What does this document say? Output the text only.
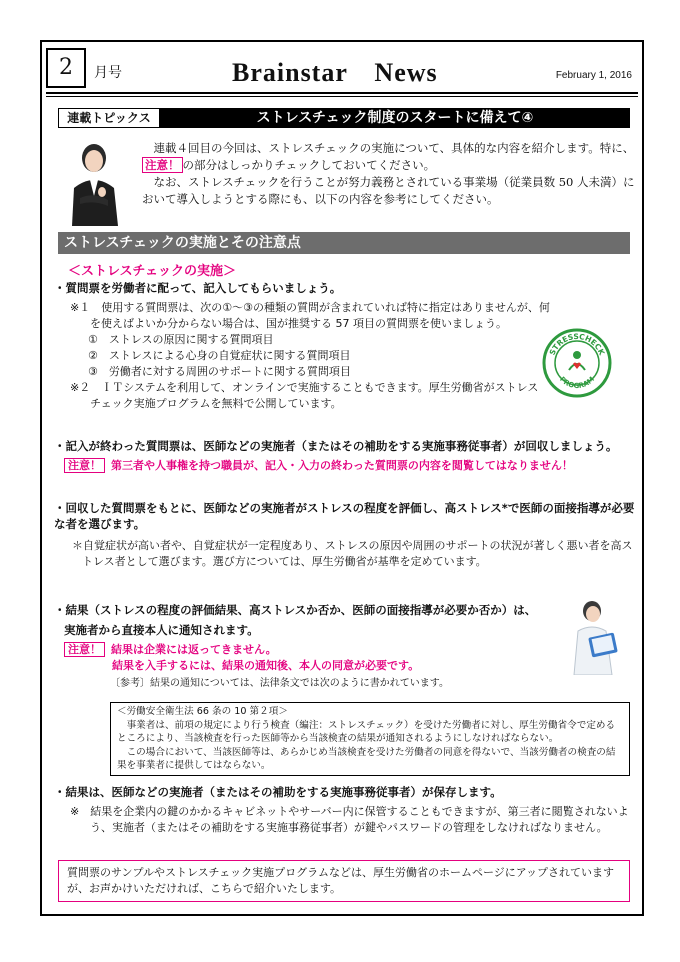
2	月号	Brainstar　News	February 1, 2016
連載トピックス	ストレスチェック制度のスタートに備えて④

連載４回目の今回は、ストレスチェックの実施について、具体的な内容を紹介します。特に、注意！ の部分はしっかりチェックしておいてください。

なお、ストレスチェックを行うことが努力義務とされている事業場（従業員数 50 人未満）において導入しようとする際にも、以下の内容を参考にしてください。

ストレスチェックの実施とその注意点
＜ストレスチェックの実施＞
・質問票を労働者に配って、記入してもらいましょう。
※１　使用する質問票は、次の①～③の種類の質問が含まれていれば特に指定はありませんが、何を使えばよいか分からない場合は、国が推奨する 57 項目の質問票を使いましょう。
①　ストレスの原因に関する質問項目
②　ストレスによる心身の自覚症状に関する質問項目
③　労働者に対する周囲のサポートに関する質問項目
※２　ＩＴシステムを利用して、オンラインで実施することもできます。厚生労働省がストレスチェック実施プログラムを無料で公開しています。
STRESSCHECK
PROGRAM
・記入が終わった質問票は、医師などの実施者（またはその補助をする実施事務従事者）が回収しましょう。
注意！ 第三者や人事権を持つ職員が、記入・入力の終わった質問票の内容を閲覧してはなりません！
・回収した質問票をもとに、医師などの実施者がストレスの程度を評価し、高ストレス*で医師の面接指導が必要な者を選びます。
＊自覚症状が高い者や、自覚症状が一定程度あり、ストレスの原因や周囲のサポートの状況が著しく悪い者を高ストレス者として選びます。選び方については、厚生労働省が基準を定めています。
・結果（ストレスの程度の評価結果、高ストレスか否か、医師の面接指導が必要か否か）は、
実施者から直接本人に通知されます。
注意！ 結果は企業には返ってきません。
結果を入手するには、結果の通知後、本人の同意が必要です。
〔参考〕結果の通知については、法律条文では次のように書かれています。
＜労働安全衛生法 66 条の 10 第２項＞
事業者は、前項の規定により行う検査（編注：ストレスチェック）を受けた労働者に対し、厚生労働省令で定めるところにより、当該検査を行った医師等から当該検査の結果が通知されるようにしなければならない。
この場合において、当該医師等は、あらかじめ当該検査を受けた労働者の同意を得ないで、当該労働者の検査の結果を事業者に提供してはならない。
・結果は、医師などの実施者（またはその補助をする実施事務従事者）が保存します。
※　結果を企業内の鍵のかかるキャビネットやサーバー内に保管することもできますが、第三者に閲覧されないよう、実施者（またはその補助をする実施事務従事者）が鍵やパスワードの管理をしなければなりません。
質問票のサンプルやストレスチェック実施プログラムなどは、厚生労働省のホームページにアップされていますが、お声かけいただければ、こちらで紹介いたします。
